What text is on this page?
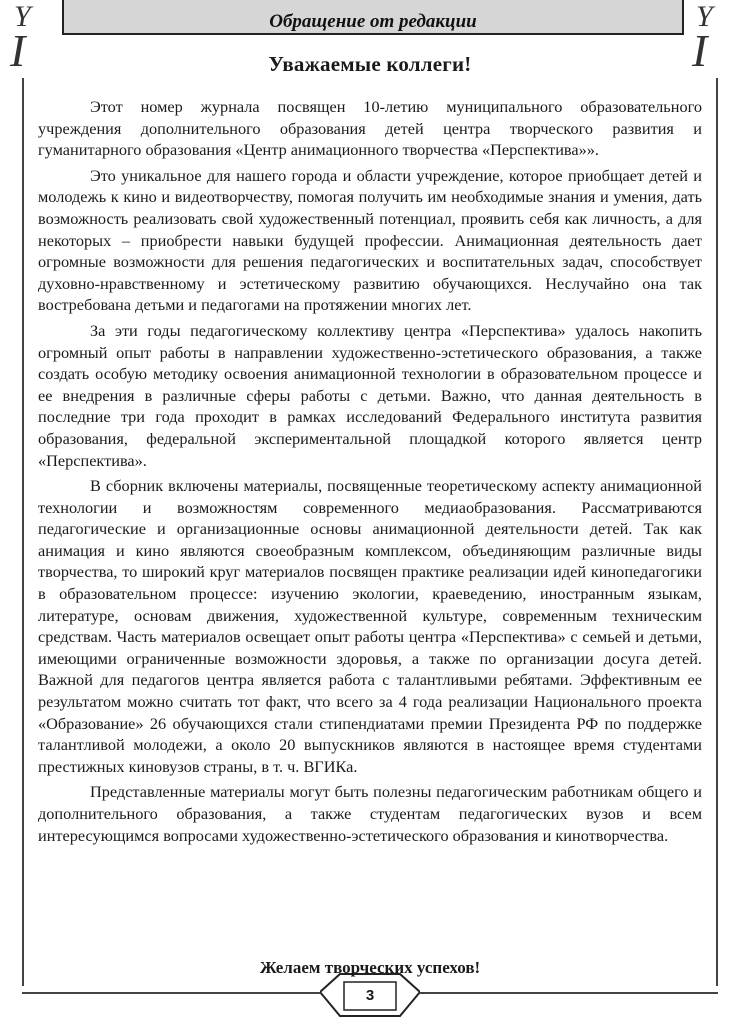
Обращение от редакции
Y
I
Y
I
3
Уважаемые коллеги!

Этот номер журнала посвящен 10-летию муниципального образовательного учреждения дополнительного образования детей центра творческого развития и гуманитарного образования «Центр анимационного творчества «Перспектива»».

Это уникальное для нашего города и области учреждение, которое приобщает детей и молодежь к кино и видеотворчеству, помогая получить им необходимые знания и умения, дать возможность реализовать свой художественный потенциал, проявить себя как личность, а для некоторых – приобрести навыки будущей профессии. Анимационная деятельность дает огромные возможности для решения педагогических и воспитательных задач, способствует духовно-нравственному и эстетическому развитию обучающихся. Неслучайно она так востребована детьми и педагогами на протяжении многих лет.

За эти годы педагогическому коллективу центра «Перспектива» удалось накопить огромный опыт работы в направлении художественно-эстетического образования, а также создать особую методику освоения анимационной технологии в образовательном процессе и ее внедрения в различные сферы работы с детьми. Важно, что данная деятельность в последние три года проходит в рамках исследований Федерального института развития образования, федеральной экспериментальной площадкой которого является центр «Перспектива».

В сборник включены материалы, посвященные теоретическому аспекту анимационной технологии и возможностям современного медиаобразования. Рассматриваются педагогические и организационные основы анимационной деятельности детей. Так как анимация и кино являются своеобразным комплексом, объединяющим различные виды творчества, то широкий круг материалов посвящен практике реализации идей кинопедагогики в образовательном процессе: изучению экологии, краеведению, иностранным языкам, литературе, основам движения, художественной культуре, современным техническим средствам. Часть материалов освещает опыт работы центра «Перспектива» с семьей и детьми, имеющими ограниченные возможности здоровья, а также по организации досуга детей. Важной для педагогов центра является работа с талантливыми ребятами. Эффективным ее результатом можно считать тот факт, что всего за 4 года реализации Национального проекта «Образование» 26 обучающихся стали стипендиатами премии Президента РФ по поддержке талантливой молодежи, а около 20 выпускников являются в настоящее время студентами престижных киновузов страны, в т. ч. ВГИКа.

Представленные материалы могут быть полезны педагогическим работникам общего и дополнительного образования, а также студентам педагогических вузов и всем интересующимся вопросами художественно-эстетического образования и кинотворчества.

Желаем творческих успехов!
